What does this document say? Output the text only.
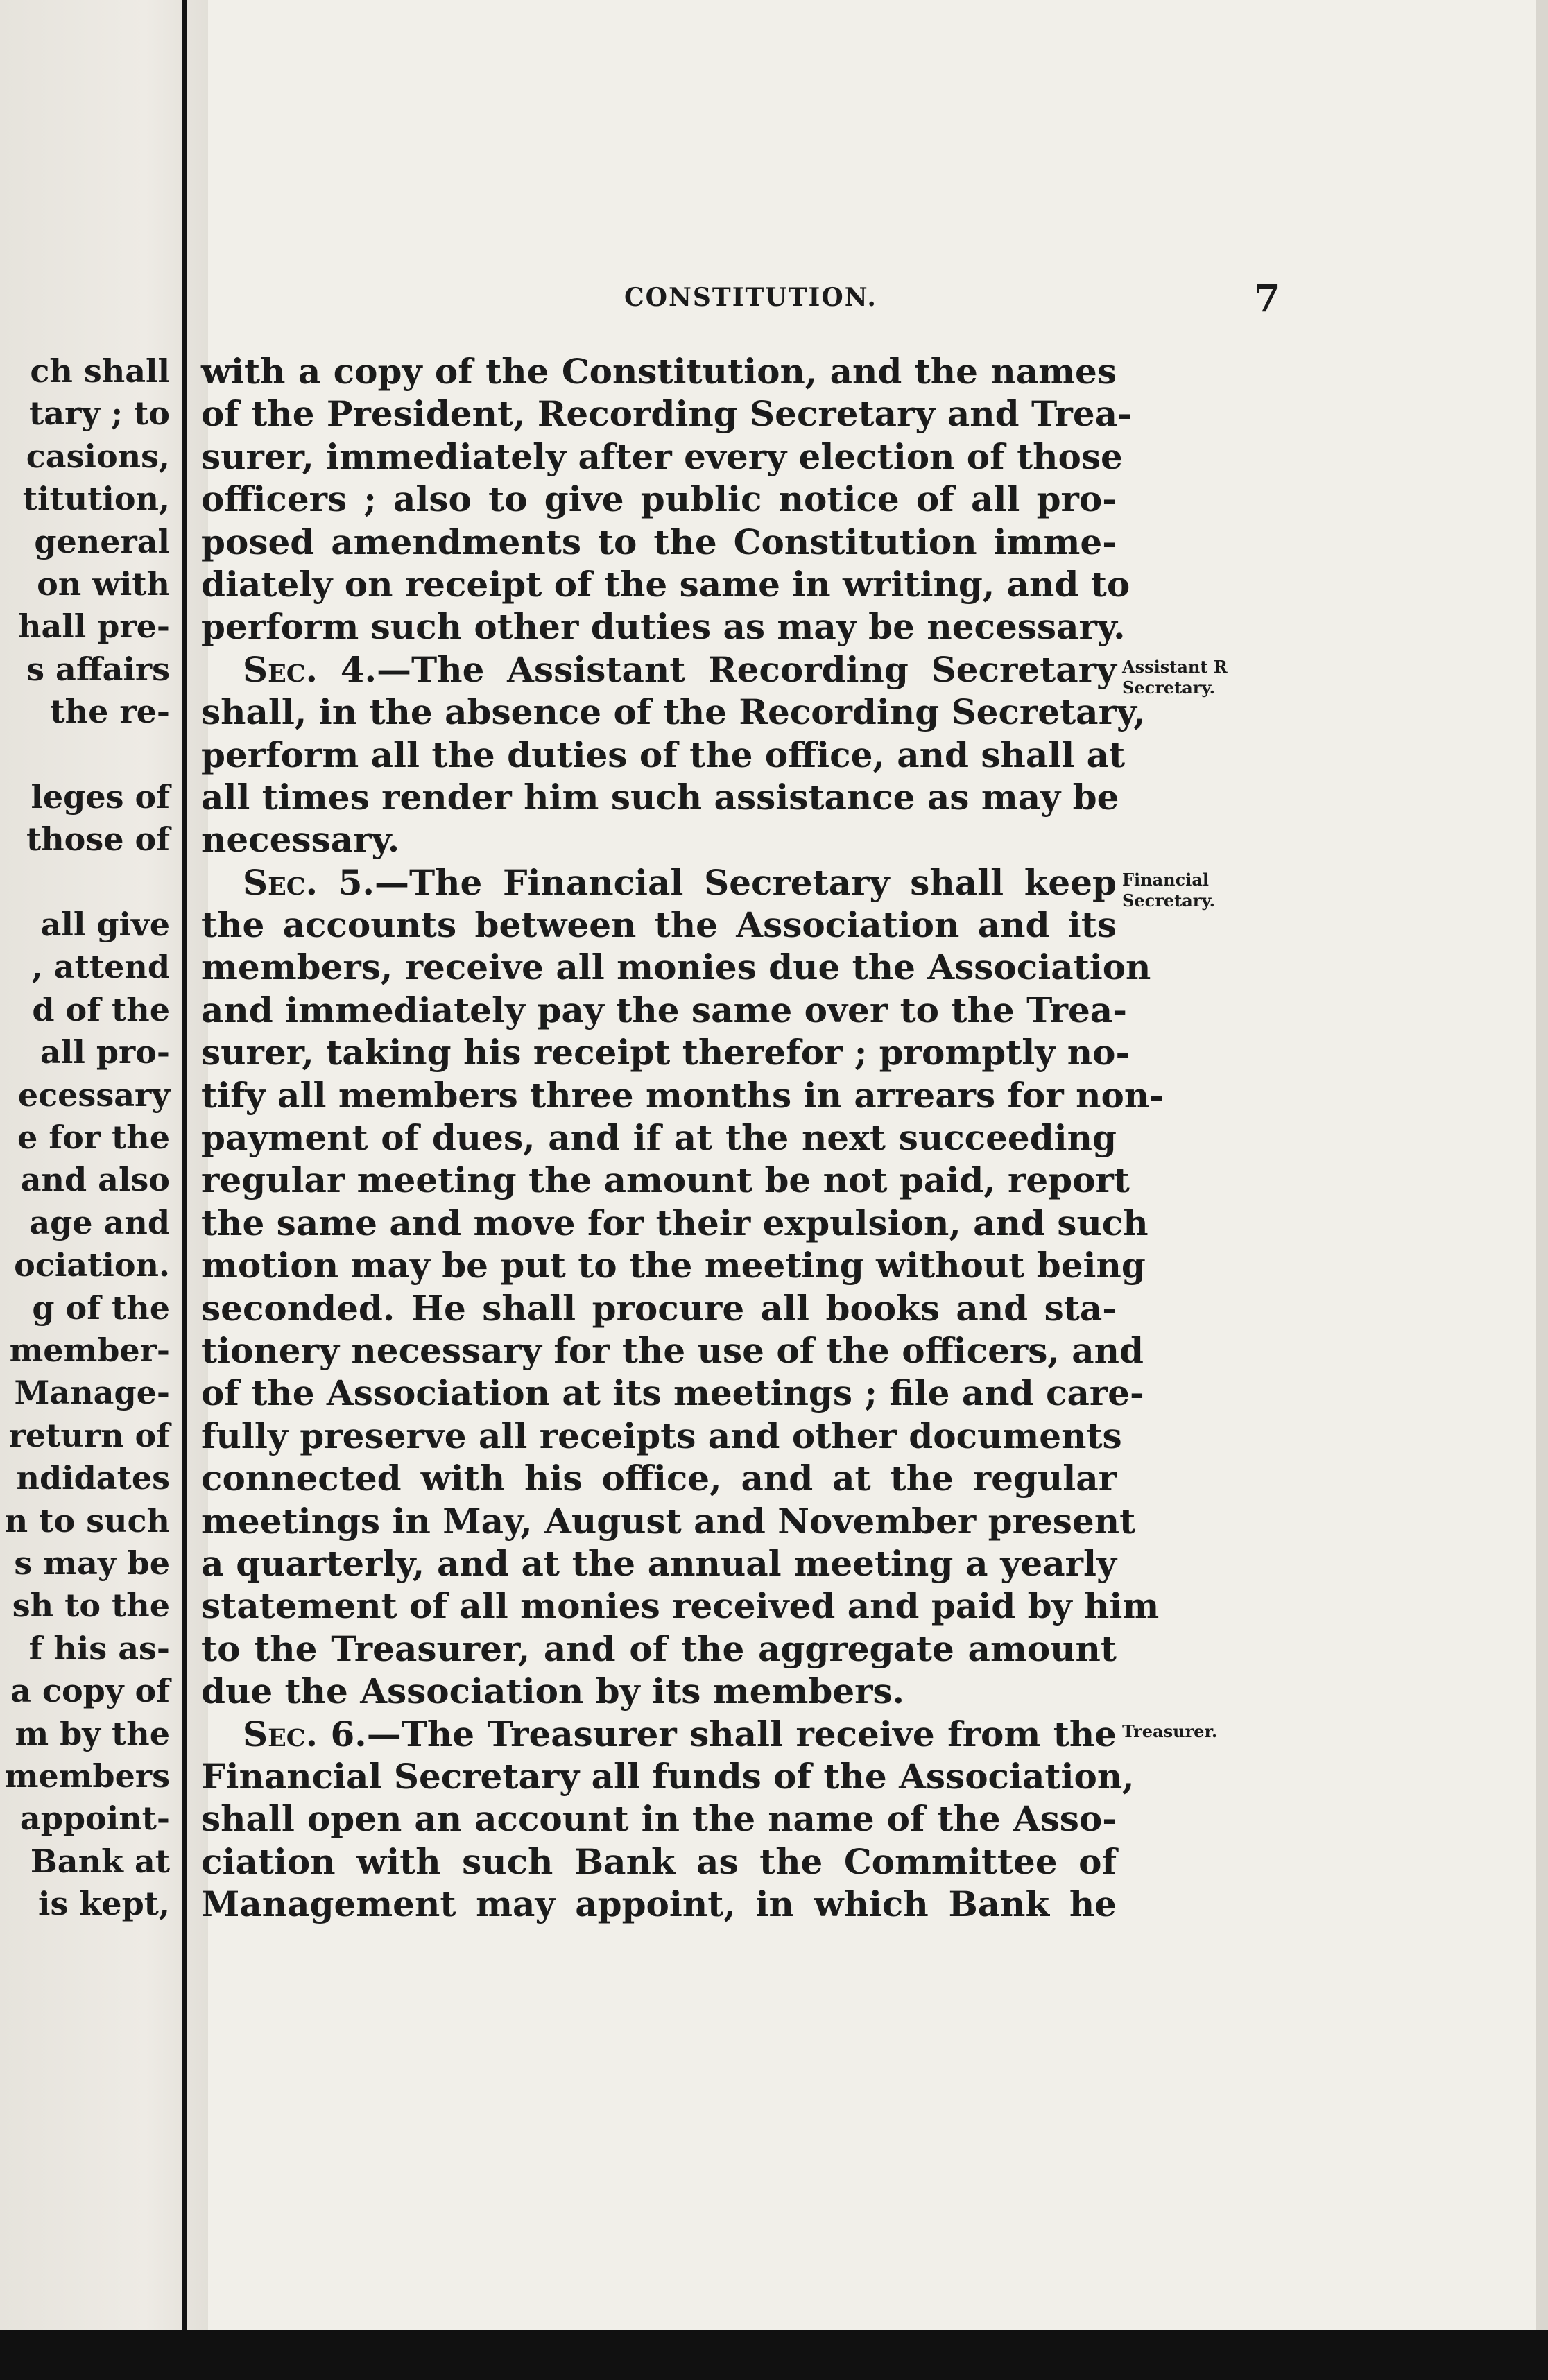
ch shall
tary ; to
casions,
titution,
general
on with
hall pre-
s affairs
the re-
leges of
those of
all give
, attend
d of the
all pro-
ecessary
e for the
and also
age and
ociation.
g of the
member-
Manage-
return of
ndidates
n to such
s may be
sh to the
f his as-
a copy of
m by the
members
appoint-
Bank at
is kept,
CONSTITUTION.	7
with a copy of the Constitution, and the names
of the President, Recording Secretary and Trea-
surer, immediately after every election of those
officers ; also to give public notice of all pro-
posed amendments to the Constitution imme-
diately on receipt of the same in writing, and to
perform such other duties as may be necessary.
Sec. 4.—The Assistant Recording Secretary
shall, in the absence of the Recording Secretary,
perform all the duties of the office, and shall at
all times render him such assistance as may be
necessary.
Sec. 5.—The Financial Secretary shall keep
the accounts between the Association and its
members, receive all monies due the Association
and immediately pay the same over to the Trea-
surer, taking his receipt therefor ; promptly no-
tify all members three months in arrears for non-
payment of dues, and if at the next succeeding
regular meeting the amount be not paid, report
the same and move for their expulsion, and such
motion may be put to the meeting without being
seconded. He shall procure all books and sta-
tionery necessary for the use of the officers, and
of the Association at its meetings ; file and care-
fully preserve all receipts and other documents
connected with his office, and at the regular
meetings in May, August and November present
a quarterly, and at the annual meeting a yearly
statement of all monies received and paid by him
to the Treasurer, and of the aggregate amount
due the Association by its members.
Sec. 6.—The Treasurer shall receive from the
Financial Secretary all funds of the Association,
shall open an account in the name of the Asso-
ciation with such Bank as the Committee of
Management may appoint, in which Bank he
Assistant R
Secretary.
Financial
Secretary.
Treasurer.
